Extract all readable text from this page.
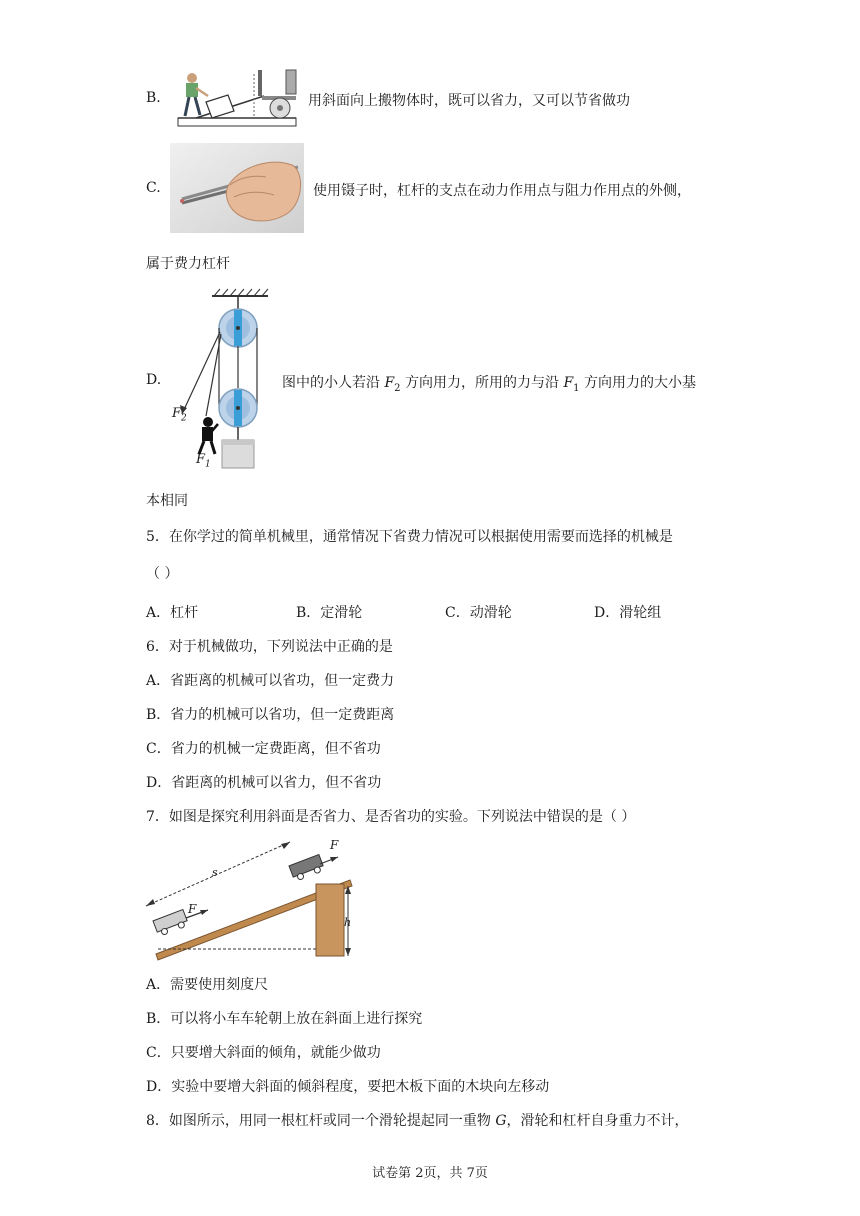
B.	用斜面向上搬物体时，既可以省力，又可以节省做功
C.	使用镊子时，杠杆的支点在动力作用点与阻力作用点的外侧，
属于费力杠杆
D.
$F_2$
$F_1$
图中的小人若沿 $F_2$ 方向用力，所用的力与沿 $F_1$ 方向用力的大小基
本相同
5．在你学过的简单机械里，通常情况下省费力情况可以根据使用需要而选择的机械是
（ ）
A．杠杆	B．定滑轮	C．动滑轮	D．滑轮组
6．对于机械做功，下列说法中正确的是
A．省距离的机械可以省功，但一定费力
B．省力的机械可以省功，但一定费距离
C．省力的机械一定费距离，但不省功
D．省距离的机械可以省力，但不省功
7．如图是探究利用斜面是否省力、是否省功的实验。下列说法中错误的是（ ）
s
h
F
F
A．需要使用刻度尺
B．可以将小车车轮朝上放在斜面上进行探究
C．只要增大斜面的倾角，就能少做功
D．实验中要增大斜面的倾斜程度，要把木板下面的木块向左移动
8．如图所示，用同一根杠杆或同一个滑轮提起同一重物 G，滑轮和杠杆自身重力不计，
试卷第 2页，共 7页
